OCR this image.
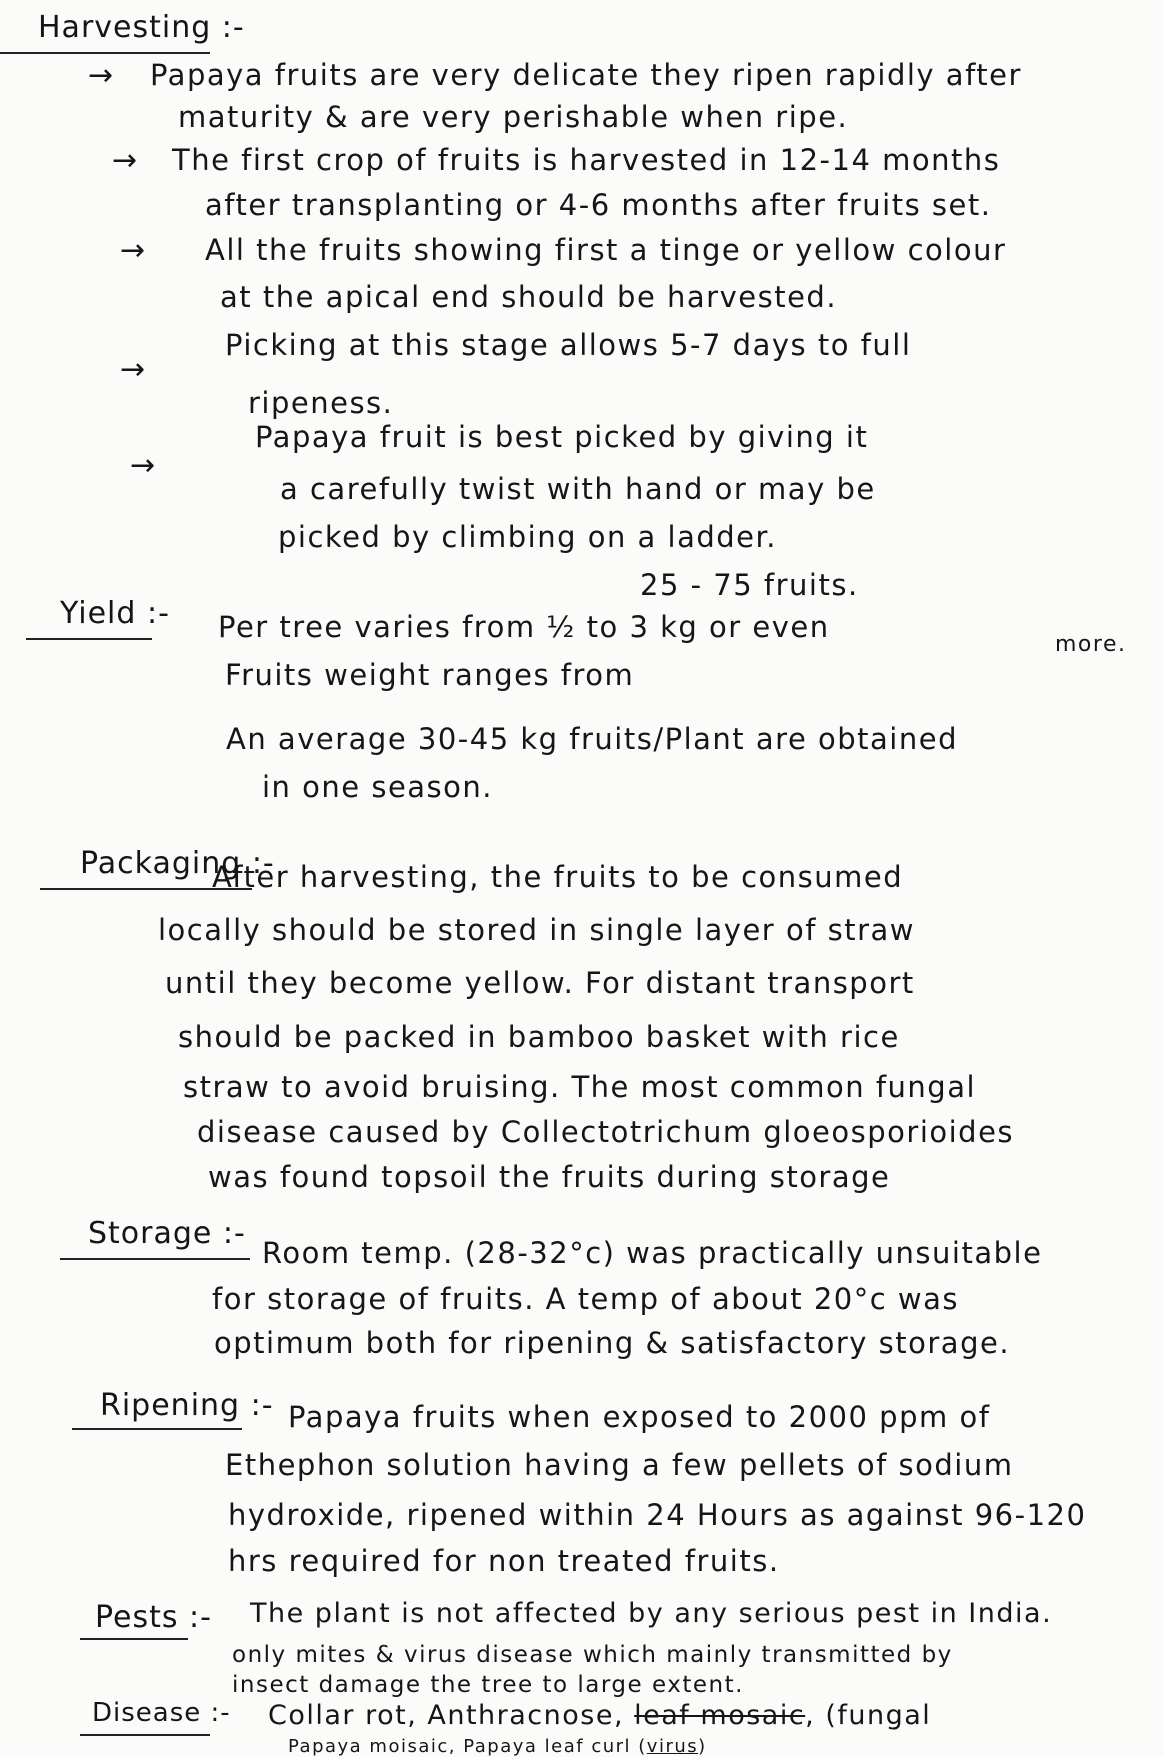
Harvesting :-
→ Papaya fruits are very delicate they ripen rapidly after
maturity & are very perishable when ripe.
→ The first crop of fruits is harvested in 12-14 months
after transplanting or 4-6 months after fruits set.
→ All the fruits showing first a tinge or yellow colour
at the apical end should be harvested.
→
Picking at this stage allows 5-7 days to full
ripeness.
→
Papaya fruit is best picked by giving it
a carefully twist with hand or may be
picked by climbing on a ladder.
Yield :-
25 - 75 fruits.
Per tree varies from ½ to 3 kg or even
more.
Fruits weight ranges from
An average 30-45 kg fruits/Plant are obtained
in one season.
Packaging :-
After harvesting, the fruits to be consumed
locally should be stored in single layer of straw
until they become yellow. For distant transport
should be packed in bamboo basket with rice
straw to avoid bruising. The most common fungal
disease caused by Collectotrichum gloeosporioides
was found topsoil the fruits during storage
Storage :-
Room temp. (28-32°c) was practically unsuitable
for storage of fruits. A temp of about 20°c was
optimum both for ripening & satisfactory storage.
Ripening :- Papaya fruits when exposed to 2000 ppm of
Ethephon solution having a few pellets of sodium
hydroxide, ripened within 24 Hours as against 96-120
hrs required for non treated fruits.
Pests :- The plant is not affected by any serious pest in India.
only mites & virus disease which mainly transmitted by
insect damage the tree to large extent.
Disease :- Collar rot, Anthracnose, leaf mosaic, (fungal
Papaya moisaic, Papaya leaf curl (virus)
